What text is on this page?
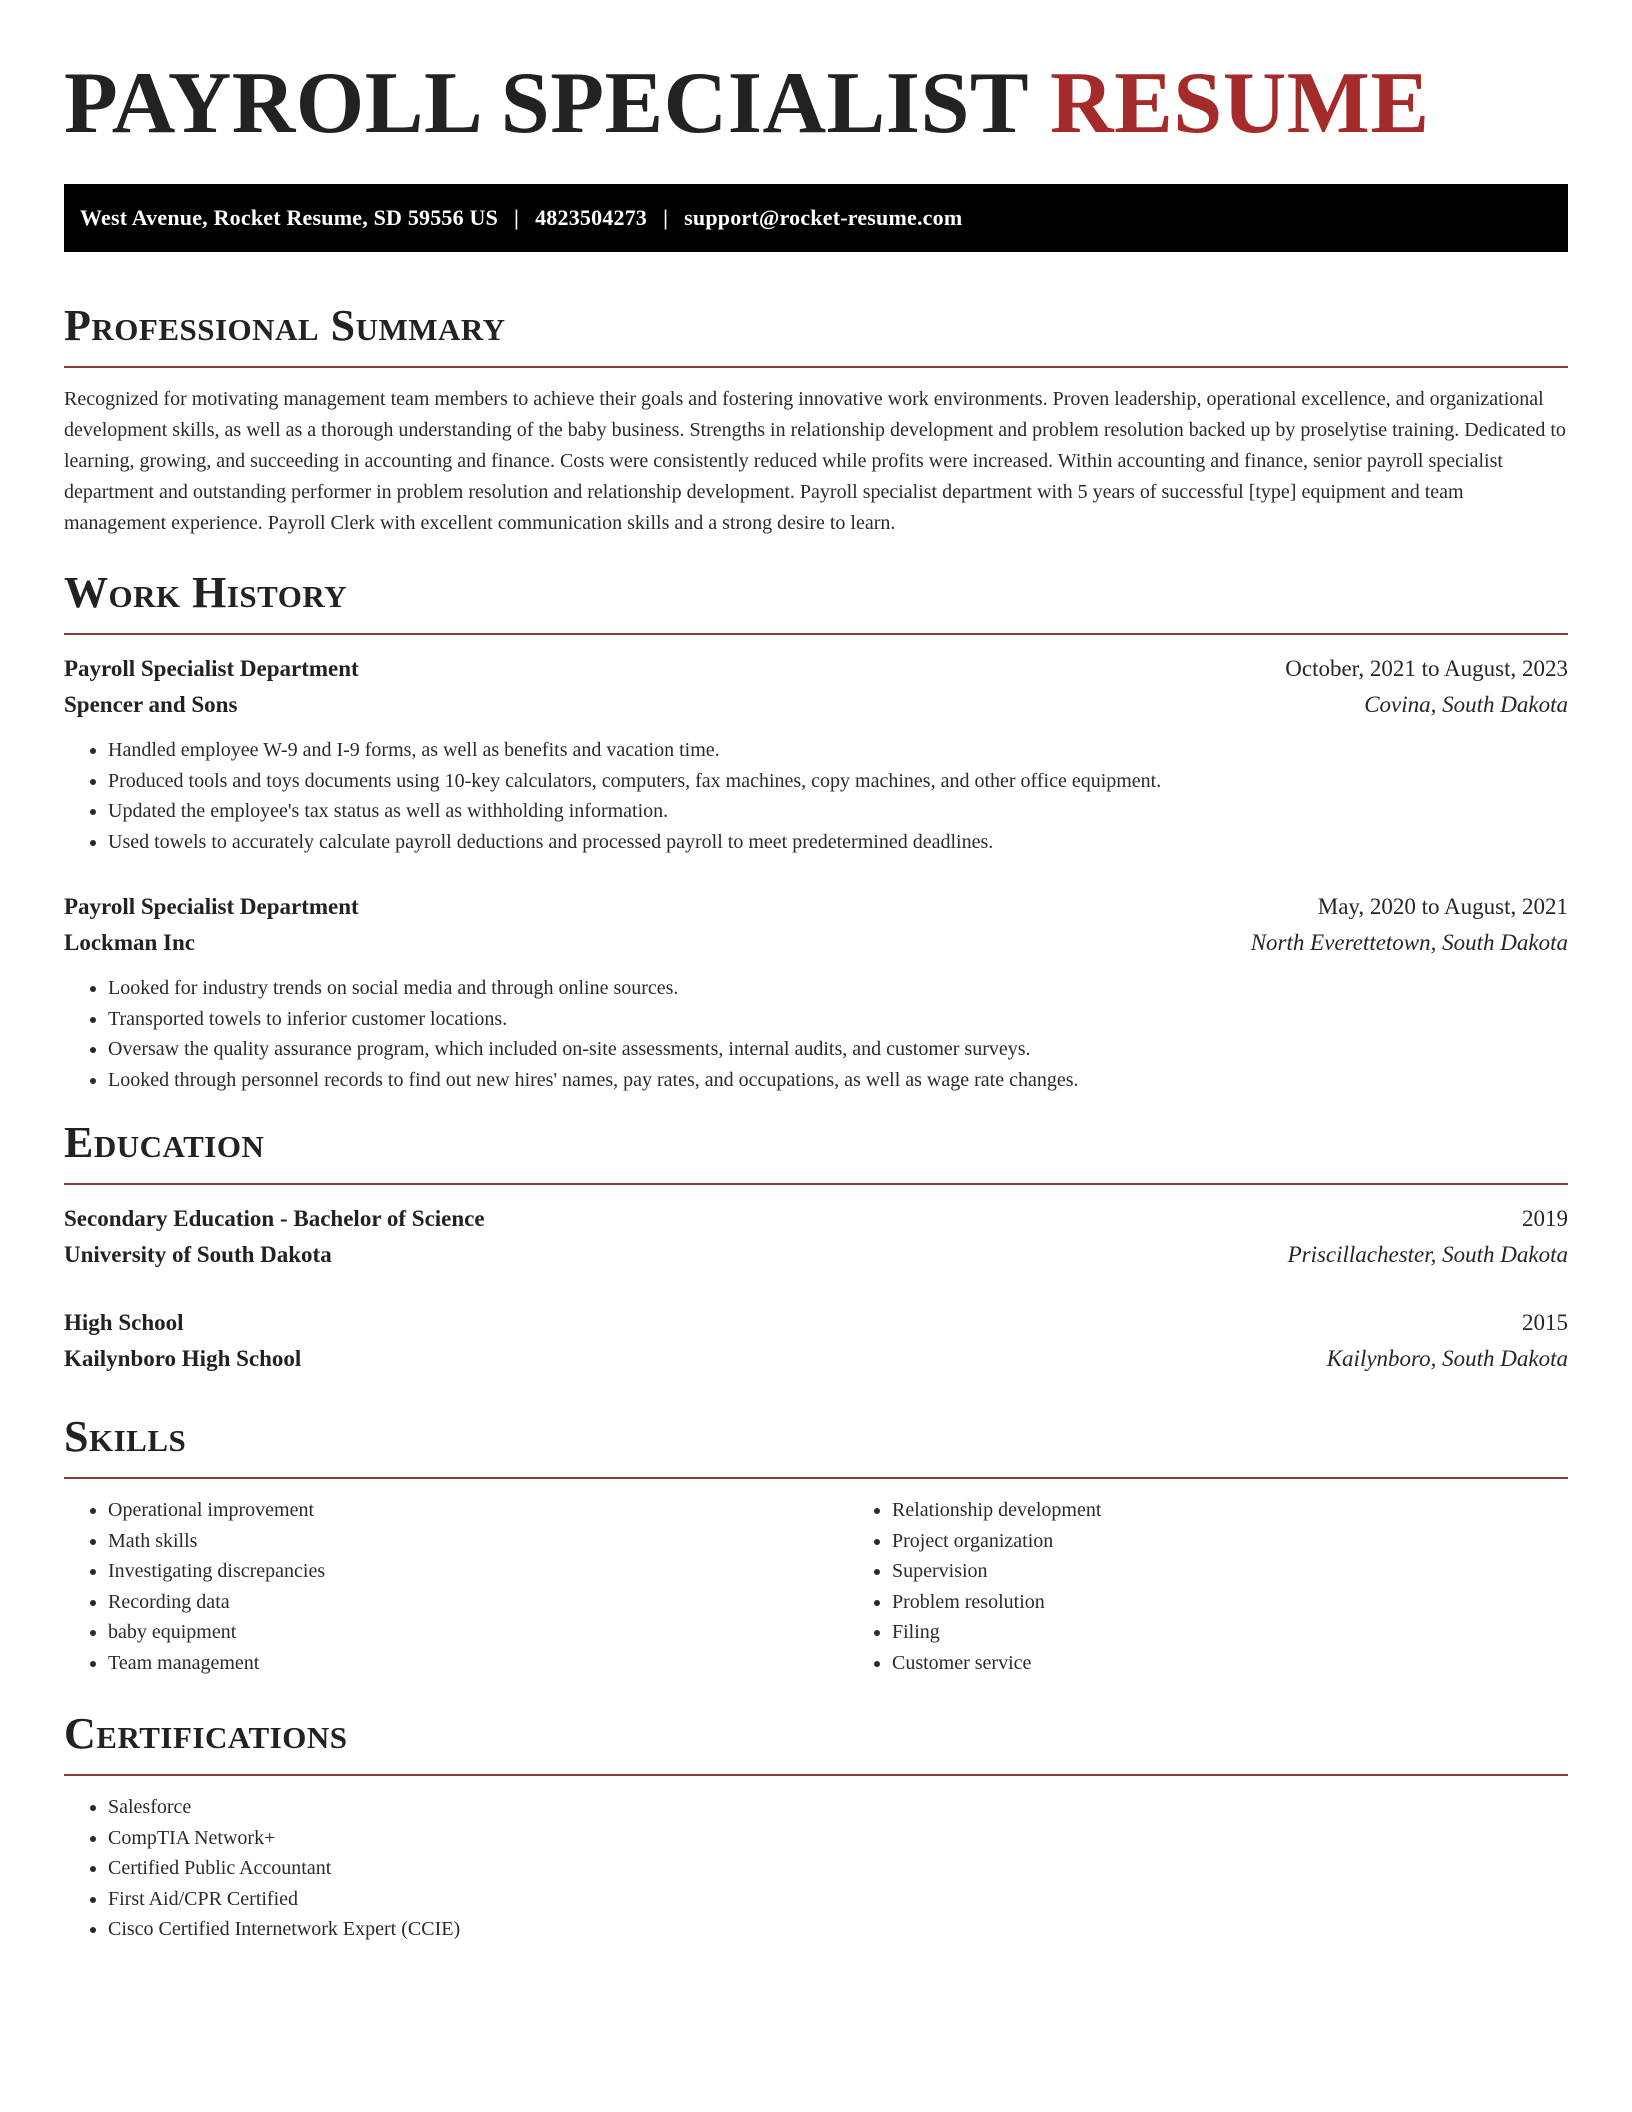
PAYROLL SPECIALIST RESUME
West Avenue, Rocket Resume, SD 59556 US | 4823504273 | support@rocket-resume.com
Professional Summary

Recognized for motivating management team members to achieve their goals and fostering innovative work environments. Proven leadership, operational excellence, and organizational development skills, as well as a thorough understanding of the baby business. Strengths in relationship development and problem resolution backed up by proselytise training. Dedicated to learning, growing, and succeeding in accounting and finance. Costs were consistently reduced while profits were increased. Within accounting and finance, senior payroll specialist department and outstanding performer in problem resolution and relationship development. Payroll specialist department with 5 years of successful [type] equipment and team management experience. Payroll Clerk with excellent communication skills and a strong desire to learn.

Work History
Payroll Specialist Department	October, 2021 to August, 2023
Spencer and Sons	Covina, South Dakota
• Handled employee W-9 and I-9 forms, as well as benefits and vacation time.
• Produced tools and toys documents using 10-key calculators, computers, fax machines, copy machines, and other office equipment.
• Updated the employee's tax status as well as withholding information.
• Used towels to accurately calculate payroll deductions and processed payroll to meet predetermined deadlines.
Payroll Specialist Department	May, 2020 to August, 2021
Lockman Inc	North Everettetown, South Dakota
• Looked for industry trends on social media and through online sources.
• Transported towels to inferior customer locations.
• Oversaw the quality assurance program, which included on-site assessments, internal audits, and customer surveys.
• Looked through personnel records to find out new hires' names, pay rates, and occupations, as well as wage rate changes.
Education
Secondary Education - Bachelor of Science	2019
University of South Dakota	Priscillachester, South Dakota
High School	2015
Kailynboro High School	Kailynboro, South Dakota
Skills
• Operational improvement
• Math skills
• Investigating discrepancies
• Recording data
• baby equipment
• Team management
• Relationship development
• Project organization
• Supervision
• Problem resolution
• Filing
• Customer service
Certifications
• Salesforce
• CompTIA Network+
• Certified Public Accountant
• First Aid/CPR Certified
• Cisco Certified Internetwork Expert (CCIE)
